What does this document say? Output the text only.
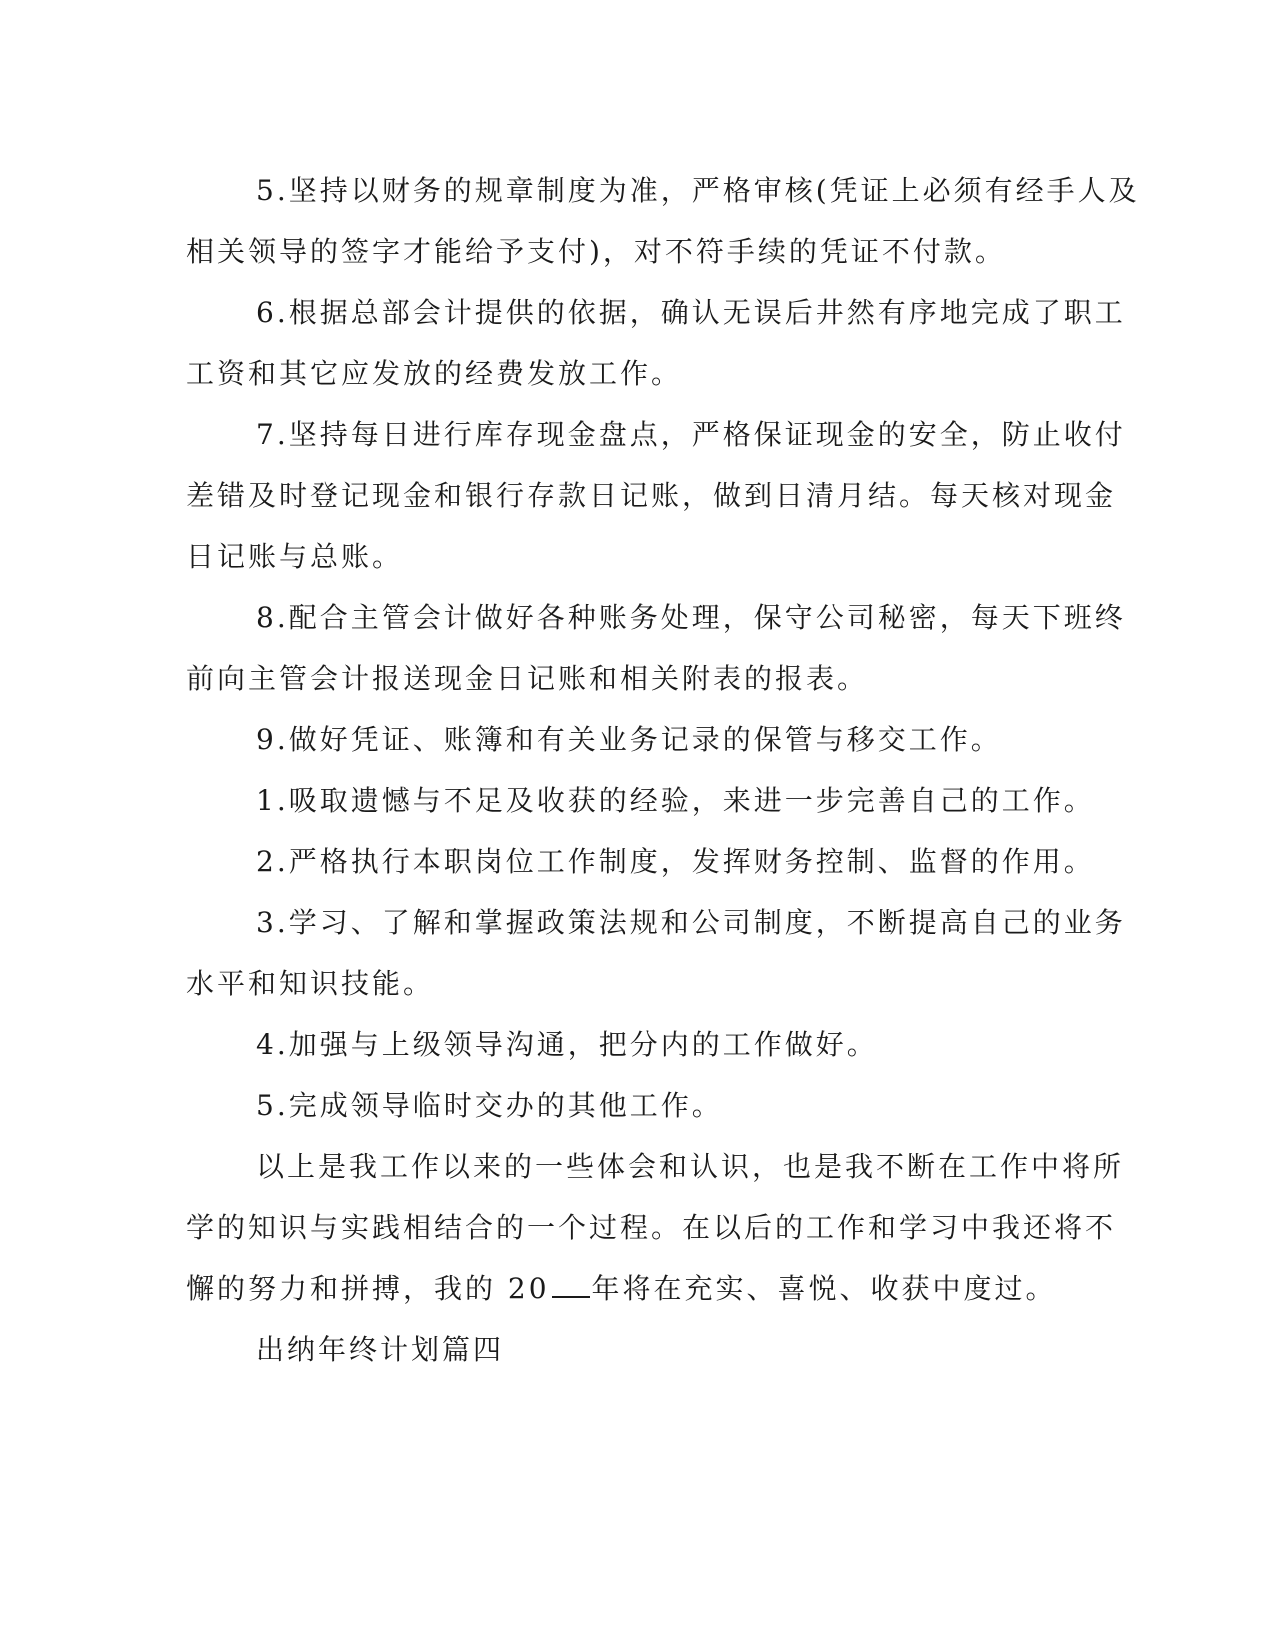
5.坚持以财务的规章制度为准，严格审核(凭证上必须有经手人及
相关领导的签字才能给予支付)，对不符手续的凭证不付款。

6.根据总部会计提供的依据，确认无误后井然有序地完成了职工
工资和其它应发放的经费发放工作。

7.坚持每日进行库存现金盘点，严格保证现金的安全，防止收付
差错及时登记现金和银行存款日记账，做到日清月结。每天核对现金
日记账与总账。

8.配合主管会计做好各种账务处理，保守公司秘密，每天下班终
前向主管会计报送现金日记账和相关附表的报表。

9.做好凭证、账簿和有关业务记录的保管与移交工作。

1.吸取遗憾与不足及收获的经验，来进一步完善自己的工作。

2.严格执行本职岗位工作制度，发挥财务控制、监督的作用。

3.学习、了解和掌握政策法规和公司制度，不断提高自己的业务
水平和知识技能。

4.加强与上级领导沟通，把分内的工作做好。

5.完成领导临时交办的其他工作。

以上是我工作以来的一些体会和认识，也是我不断在工作中将所
学的知识与实践相结合的一个过程。在以后的工作和学习中我还将不
懈的努力和拼搏，我的 20 年将在充实、喜悦、收获中度过。

出纳年终计划篇四
